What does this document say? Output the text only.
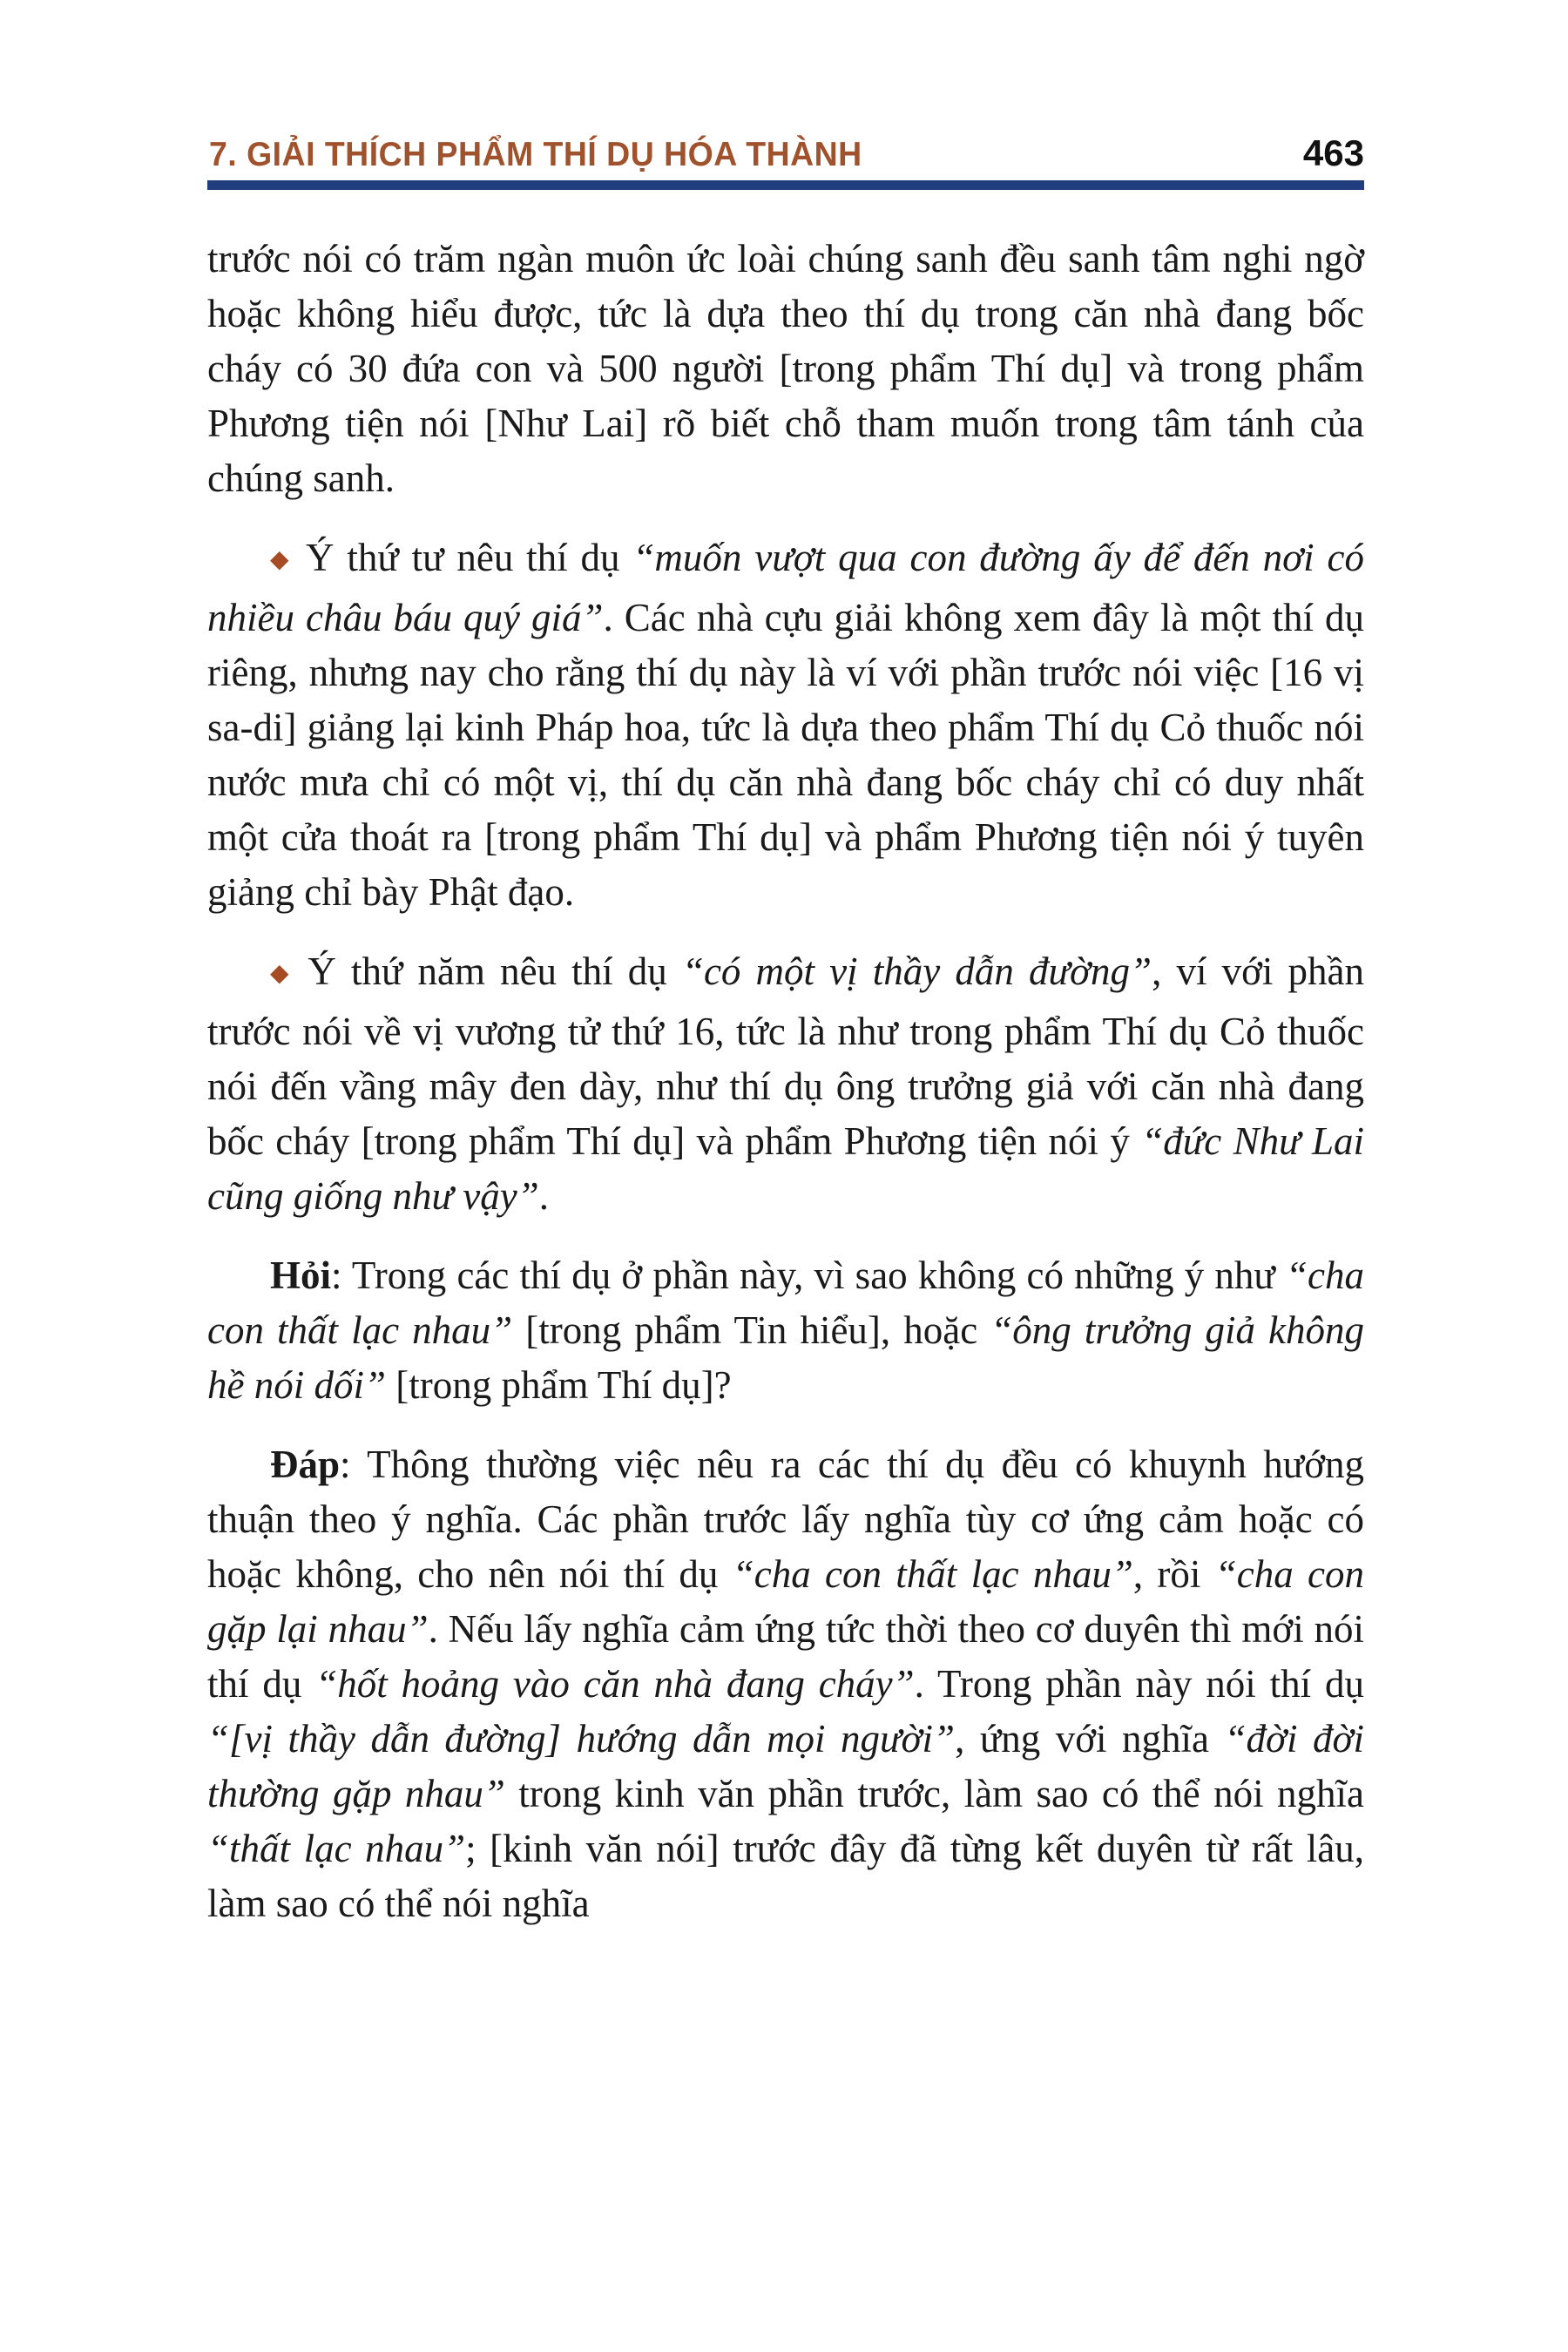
7. GIẢI THÍCH PHẨM THÍ DỤ HÓA THÀNH	463

trước nói có trăm ngàn muôn ức loài chúng sanh đều sanh tâm nghi ngờ hoặc không hiểu được, tức là dựa theo thí dụ trong căn nhà đang bốc cháy có 30 đứa con và 500 người [trong phẩm Thí dụ] và trong phẩm Phương tiện nói [Như Lai] rõ biết chỗ tham muốn trong tâm tánh của chúng sanh.

◆ Ý thứ tư nêu thí dụ “muốn vượt qua con đường ấy để đến nơi có nhiều châu báu quý giá”. Các nhà cựu giải không xem đây là một thí dụ riêng, nhưng nay cho rằng thí dụ này là ví với phần trước nói việc [16 vị sa-di] giảng lại kinh Pháp hoa, tức là dựa theo phẩm Thí dụ Cỏ thuốc nói nước mưa chỉ có một vị, thí dụ căn nhà đang bốc cháy chỉ có duy nhất một cửa thoát ra [trong phẩm Thí dụ] và phẩm Phương tiện nói ý tuyên giảng chỉ bày Phật đạo.

◆ Ý thứ năm nêu thí dụ “có một vị thầy dẫn đường”, ví với phần trước nói về vị vương tử thứ 16, tức là như trong phẩm Thí dụ Cỏ thuốc nói đến vầng mây đen dày, như thí dụ ông trưởng giả với căn nhà đang bốc cháy [trong phẩm Thí dụ] và phẩm Phương tiện nói ý “đức Như Lai cũng giống như vậy”.

Hỏi: Trong các thí dụ ở phần này, vì sao không có những ý như “cha con thất lạc nhau” [trong phẩm Tin hiểu], hoặc “ông trưởng giả không hề nói dối” [trong phẩm Thí dụ]?

Đáp: Thông thường việc nêu ra các thí dụ đều có khuynh hướng thuận theo ý nghĩa. Các phần trước lấy nghĩa tùy cơ ứng cảm hoặc có hoặc không, cho nên nói thí dụ “cha con thất lạc nhau”, rồi “cha con gặp lại nhau”. Nếu lấy nghĩa cảm ứng tức thời theo cơ duyên thì mới nói thí dụ “hốt hoảng vào căn nhà đang cháy”. Trong phần này nói thí dụ “[vị thầy dẫn đường] hướng dẫn mọi người”, ứng với nghĩa “đời đời thường gặp nhau” trong kinh văn phần trước, làm sao có thể nói nghĩa “thất lạc nhau”; [kinh văn nói] trước đây đã từng kết duyên từ rất lâu, làm sao có thể nói nghĩa
